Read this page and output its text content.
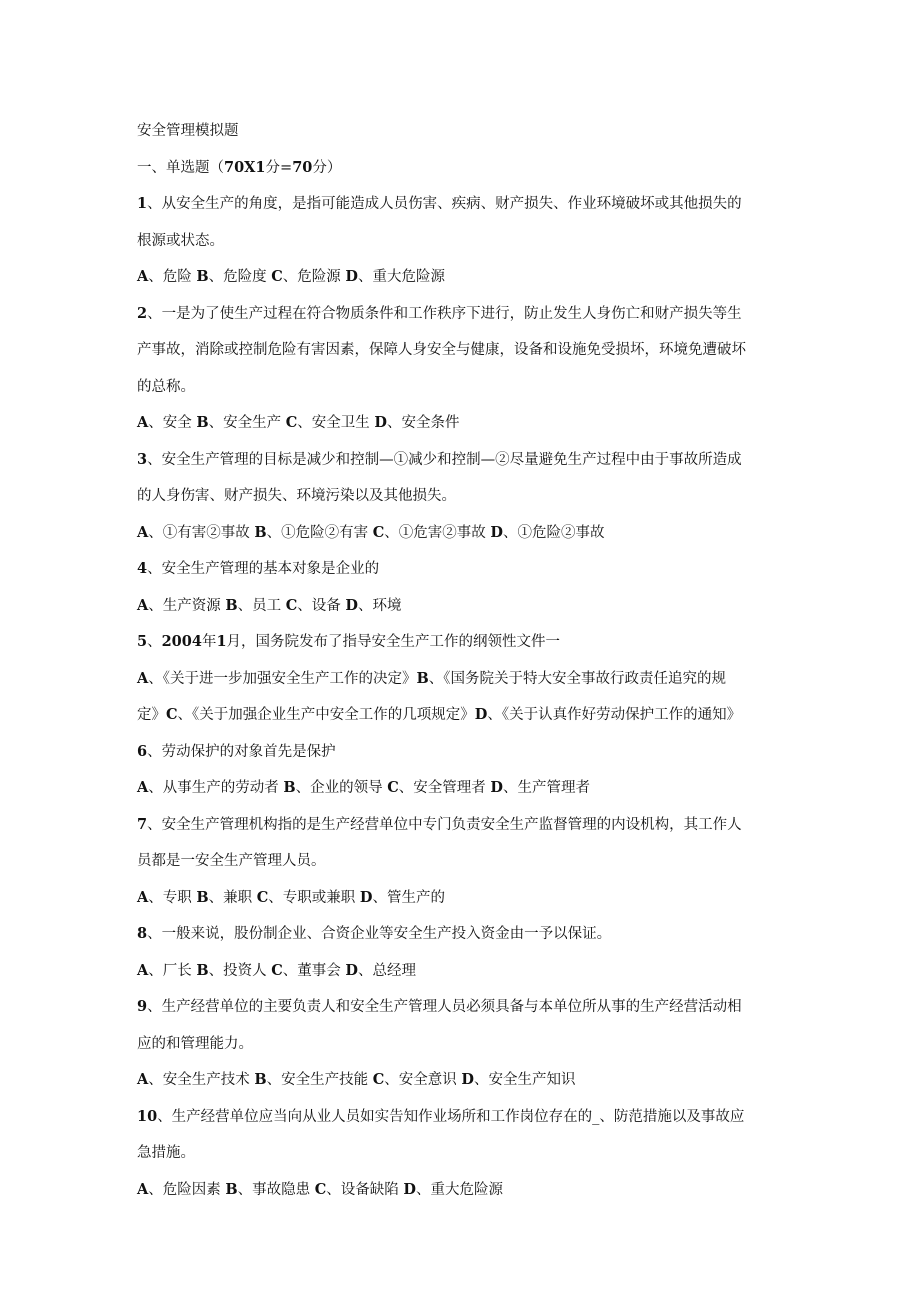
安全管理模拟题
一、单选题（70X1分=70分）
1、从安全生产的角度，是指可能造成人员伤害、疾病、财产损失、作业环境破坏或其他损失的
根源或状态。
A、危险 B、危险度 C、危险源 D、重大危险源
2、一是为了使生产过程在符合物质条件和工作秩序下进行，防止发生人身伤亡和财产损失等生
产事故，消除或控制危险有害因素，保障人身安全与健康，设备和设施免受损坏，环境免遭破坏
的总称。
A、安全 B、安全生产 C、安全卫生 D、安全条件
3、安全生产管理的目标是减少和控制—①减少和控制—②尽量避免生产过程中由于事故所造成
的人身伤害、财产损失、环境污染以及其他损失。
A、①有害②事故 B、①危险②有害 C、①危害②事故 D、①危险②事故
4、安全生产管理的基本对象是企业的
A、生产资源 B、员工 C、设备 D、环境
5、2004年1月，国务院发布了指导安全生产工作的纲领性文件一
A、《关于进一步加强安全生产工作的决定》B、《国务院关于特大安全事故行政责任追究的规
定》C、《关于加强企业生产中安全工作的几项规定》D、《关于认真作好劳动保护工作的通知》
6、劳动保护的对象首先是保护
A、从事生产的劳动者 B、企业的领导 C、安全管理者 D、生产管理者
7、安全生产管理机构指的是生产经营单位中专门负责安全生产监督管理的内设机构，其工作人
员都是一安全生产管理人员。
A、专职 B、兼职 C、专职或兼职 D、管生产的
8、一般来说，股份制企业、合资企业等安全生产投入资金由一予以保证。
A、厂长 B、投资人 C、董事会 D、总经理
9、生产经营单位的主要负责人和安全生产管理人员必须具备与本单位所从事的生产经营活动相
应的和管理能力。
A、安全生产技术 B、安全生产技能 C、安全意识 D、安全生产知识
10、生产经营单位应当向从业人员如实告知作业场所和工作岗位存在的_、防范措施以及事故应
急措施。
A、危险因素 B、事故隐患 C、设备缺陷 D、重大危险源
